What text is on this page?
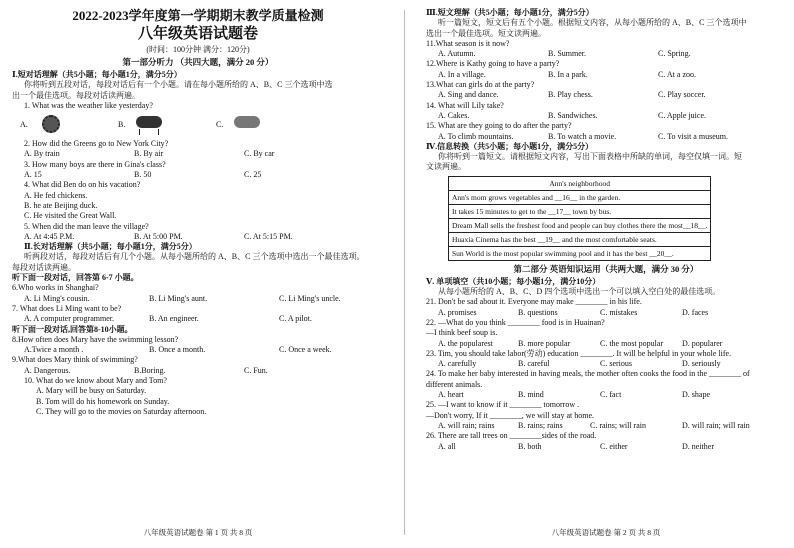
2022-2023学年度第一学期期末教学质量检测
八年级英语试题卷
(时间：100分钟 满分：120分)
第一部分听力 （共四大题，满分 20 分）
Ⅰ.短对话理解（共5小题；每小题1分，满分5分）
你将听到五段对话，每段对话后有一个小题。请在每小题所给的 A、B、C 三个选项中选
出一个最佳选项。每段对话读两遍。
1. What was the weather like yesterday?
A.	B.	C.
2. How did the Greens go to New York City?
A. By train	B. By air	C. By car
3. How many boys are there in Gina's class?
A. 15	B. 50	C. 25
4. What did Ben do on his vacation?
A. He fed chickens.
B. he ate Beijing duck.
C. He visited the Great Wall.
5. When did the man leave the village?
A. At 4:45 P.M.	B. At 5:00 PM.	C. At 5:15 PM.
Ⅱ.长对话理解（共5小题；每小题1分，满分5分）
听两段对话，每段对话后有几个小题。从每小题所给的 A、B、C 三个选项中选出一个最佳选项。
每段对话读两遍。
听下面一段对话，回答第 6-7 小题。
6.Who works in Shanghai?
A. Li Ming's cousin.	B. Li Ming's aunt.	C. Li Ming's uncle.
7. What does Li Ming want to be?
A. A computer programmer.	B. An engineer.	C. A pilot.
听下面一段对话,回答第8-10小题。
8.How often does Mary have the swimming lesson?
A.Twice a month .	B. Once a month.	C. Once a week.
9.What does Mary think of swimming?
A. Dangerous.	B.Boring.	C. Fun.
10. What do we know about Mary and Tom?
A. Mary will be busy on Saturday.
B. Tom will do his homework on Sunday.
C. They will go to the movies on Saturday afternoon.
八年级英语试题卷 第 1 页 共 8 页
Ⅲ.短文理解（共5小题；每小题1分，满分5分）
听一篇短文，短文后有五个小题。根据短文内容，从每小题所给的 A、B、C 三个选项中
选出一个最佳选项。短文读两遍。
11.What season is it now?
A. Autumn.	B. Summer.	C. Spring.
12.Where is Kathy going to have a party?
A. In a village.	B. In a park.	C. At a zoo.
13.What can girls do at the party?
A. Sing and dance.	B. Play chess.	C. Play soccer.
14. What will Lily take?
A. Cakes.	B. Sandwiches.	C. Apple juice.
15. What are they going to do after the party?
A. To climb mountains.	B. To watch a movie.	C. To visit a museum.
Ⅳ.信息转换（共5小题；每小题1分，满分5分）
你将听到一篇短文。请根据短文内容，写出下面表格中所缺的单词，每空仅填一词。短
文读两遍。
Ann's neighborhood
Ann's mom grows vegetables and __16__ in the garden.
It takes 15 minutes to get to the __17__ town by bus.
Dream Mall sells the freshest food and people can buy clothes there the most__18__.
Huaxia Cinema has the best __19__ and the most comfortable seats.
Sun World is the most popular swimming pool and it has the best __20__.
第二部分 英语知识运用（共两大题，满分 30 分）
Ⅴ. 单项填空（共10小题；每小题1分，满分10分）
从每小题所给的 A、B、C、D 四个选项中选出一个可以填入空白处的最佳选项。
21. Don't be sad about it. Everyone may make ________ in his life.
A. promises	B. questions	C. mistakes	D. faces
22. —What do you think ________ food is in Huainan?
—I think beef soup is.
A. the popularest	B. more popular	C. the most popular	D. popularer
23. Tim, you should take labor(劳动) education ________. It will be helpful in your whole life.
A. carefully	B. careful	C. serious	D. seriously
24. To make her baby interested in having meals, the mother often cooks the food in the ________ of
different animals.
A. heart	B. mind	C. fact	D. shape
25. —I want to know if it ________ tomorrow .
—Don't worry, If it ________, we will stay at home.
A. will rain; rains	B. rains; rains	C. rains; will rain	D. will rain; will rain
26. There are tall trees on ________sides of the road.
A. all	B. both	C. either	D. neither
八年级英语试题卷 第 2 页 共 8 页
